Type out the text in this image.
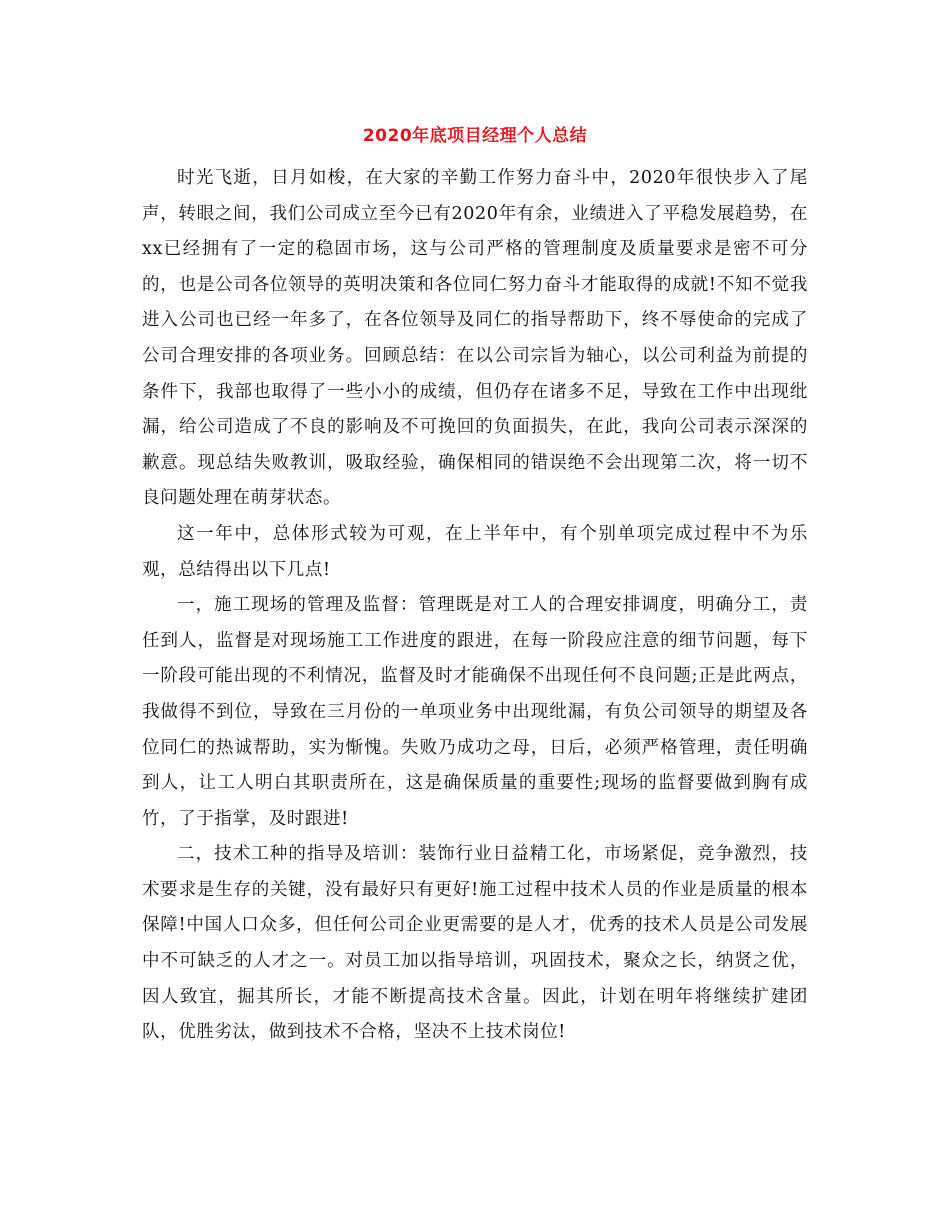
2020年底项目经理个人总结

时光飞逝，日月如梭，在大家的辛勤工作努力奋斗中，2020年很快步入了尾声，转眼之间，我们公司成立至今已有2020年有余，业绩进入了平稳发展趋势，在xx已经拥有了一定的稳固市场，这与公司严格的管理制度及质量要求是密不可分的，也是公司各位领导的英明决策和各位同仁努力奋斗才能取得的成就!不知不觉我进入公司也已经一年多了，在各位领导及同仁的指导帮助下，终不辱使命的完成了公司合理安排的各项业务。回顾总结：在以公司宗旨为轴心，以公司利益为前提的条件下，我部也取得了一些小小的成绩，但仍存在诸多不足，导致在工作中出现纰漏，给公司造成了不良的影响及不可挽回的负面损失，在此，我向公司表示深深的歉意。现总结失败教训，吸取经验，确保相同的错误绝不会出现第二次，将一切不良问题处理在萌芽状态。

这一年中，总体形式较为可观，在上半年中，有个别单项完成过程中不为乐观，总结得出以下几点!

一，施工现场的管理及监督：管理既是对工人的合理安排调度，明确分工，责任到人，监督是对现场施工工作进度的跟进，在每一阶段应注意的细节问题，每下一阶段可能出现的不利情况，监督及时才能确保不出现任何不良问题;正是此两点，我做得不到位，导致在三月份的一单项业务中出现纰漏，有负公司领导的期望及各位同仁的热诚帮助，实为惭愧。失败乃成功之母，日后，必须严格管理，责任明确到人，让工人明白其职责所在，这是确保质量的重要性;现场的监督要做到胸有成竹，了于指掌，及时跟进!

二，技术工种的指导及培训：装饰行业日益精工化，市场紧促，竞争激烈，技术要求是生存的关键，没有最好只有更好!施工过程中技术人员的作业是质量的根本保障!中国人口众多，但任何公司企业更需要的是人才，优秀的技术人员是公司发展中不可缺乏的人才之一。对员工加以指导培训，巩固技术，聚众之长，纳贤之优，因人致宜，掘其所长，才能不断提高技术含量。因此，计划在明年将继续扩建团队，优胜劣汰，做到技术不合格，坚决不上技术岗位!
